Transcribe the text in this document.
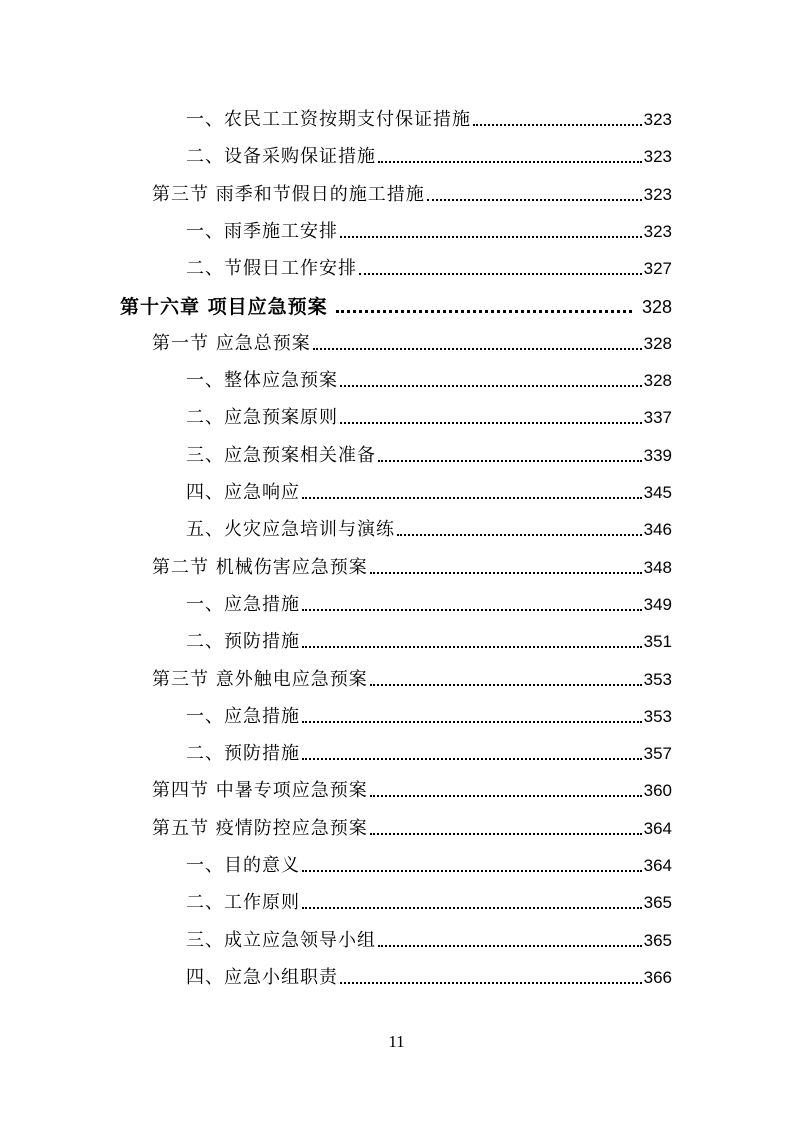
一、农民工工资按期支付保证措施	323
二、设备采购保证措施	323
第三节 雨季和节假日的施工措施	323
一、雨季施工安排	323
二、节假日工作安排	327
第十六章 项目应急预案	328
第一节 应急总预案	328
一、整体应急预案	328
二、应急预案原则	337
三、应急预案相关准备	339
四、应急响应	345
五、火灾应急培训与演练	346
第二节 机械伤害应急预案	348
一、应急措施	349
二、预防措施	351
第三节 意外触电应急预案	353
一、应急措施	353
二、预防措施	357
第四节 中暑专项应急预案	360
第五节 疫情防控应急预案	364
一、目的意义	364
二、工作原则	365
三、成立应急领导小组	365
四、应急小组职责	366
11
